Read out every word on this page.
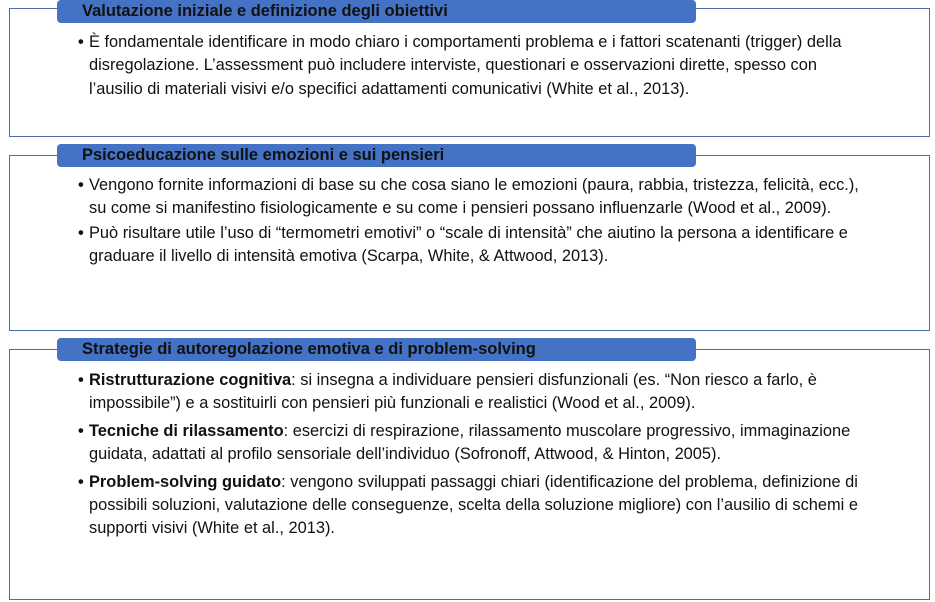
Valutazione iniziale e definizione degli obiettivi
• È fondamentale identificare in modo chiaro i comportamenti problema e i fattori scatenanti (trigger) della disregolazione. L’assessment può includere interviste, questionari e osservazioni dirette, spesso con l’ausilio di materiali visivi e/o specifici adattamenti comunicativi (White et al., 2013).
Psicoeducazione sulle emozioni e sui pensieri
• Vengono fornite informazioni di base su che cosa siano le emozioni (paura, rabbia, tristezza, felicità, ecc.), su come si manifestino fisiologicamente e su come i pensieri possano influenzarle (Wood et al., 2009).
• Può risultare utile l’uso di “termometri emotivi” o “scale di intensità” che aiutino la persona a identificare e graduare il livello di intensità emotiva (Scarpa, White, & Attwood, 2013).
Strategie di autoregolazione emotiva e di problem-solving
• Ristrutturazione cognitiva: si insegna a individuare pensieri disfunzionali (es. “Non riesco a farlo, è impossibile”) e a sostituirli con pensieri più funzionali e realistici (Wood et al., 2009).
• Tecniche di rilassamento: esercizi di respirazione, rilassamento muscolare progressivo, immaginazione guidata, adattati al profilo sensoriale dell’individuo (Sofronoff, Attwood, & Hinton, 2005).
• Problem-solving guidato: vengono sviluppati passaggi chiari (identificazione del problema, definizione di possibili soluzioni, valutazione delle conseguenze, scelta della soluzione migliore) con l’ausilio di schemi e supporti visivi (White et al., 2013).
